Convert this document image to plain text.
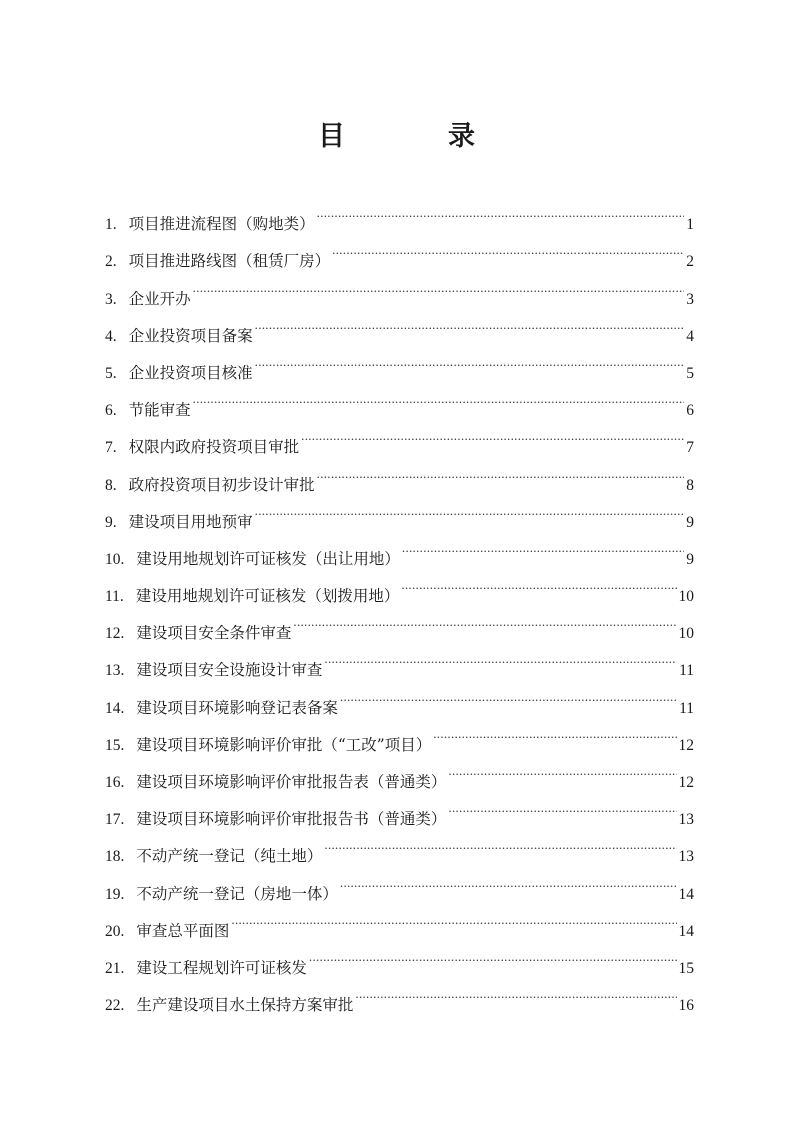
目　录
1. 项目推进流程图（购地类） .....	1
2. 项目推进路线图（租赁厂房） .....	2
3. 企业开办 .....	3
4. 企业投资项目备案 .....	4
5. 企业投资项目核准 .....	5
6. 节能审查 .....	6
7. 权限内政府投资项目审批 .....	7
8. 政府投资项目初步设计审批 .....	8
9. 建设项目用地预审 .....	9
10. 建设用地规划许可证核发（出让用地） .....	9
11. 建设用地规划许可证核发（划拨用地） .....	10
12. 建设项目安全条件审查 .....	10
13. 建设项目安全设施设计审查 .....	11
14. 建设项目环境影响登记表备案 .....	11
15. 建设项目环境影响评价审批（“工改”项目） .....	12
16. 建设项目环境影响评价审批报告表（普通类） .....	12
17. 建设项目环境影响评价审批报告书（普通类） .....	13
18. 不动产统一登记（纯土地） .....	13
19. 不动产统一登记（房地一体） .....	14
20. 审查总平面图 .....	14
21. 建设工程规划许可证核发 .....	15
22. 生产建设项目水土保持方案审批 .....	16
